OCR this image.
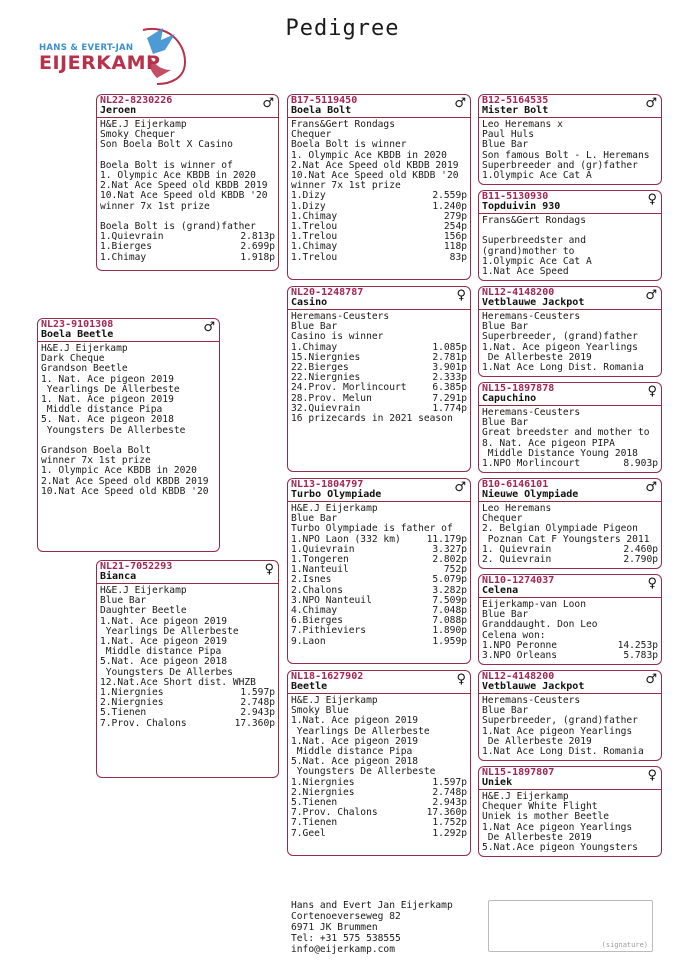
Pedigree
HANS & EVERT-JAN
EIJERKAMP
NL23-9101308
Boela Beetle	♂
H&E.J Eijerkamp
Dark Cheque
Grandson Beetle
1. Nat. Ace pigeon 2019
Yearlings De Allerbeste
1. Nat. Ace pigeon 2019
Middle distance Pipa
5. Nat. Ace pigeon 2018
Youngsters De Allerbeste
Grandson Boela Bolt
winner 7x 1st prize
1. Olympic Ace KBDB in 2020
2.Nat Ace Speed old KBDB 2019
10.Nat Ace Speed old KBDB '20
NL22-8230226
Jeroen	♂
H&E.J Eijerkamp
Smoky Chequer
Son Boela Bolt X Casino
Boela Bolt is winner of
1. Olympic Ace KBDB in 2020
2.Nat Ace Speed old KBDB 2019
10.Nat Ace Speed old KBDB '20
winner 7x 1st prize
Boela Bolt is (grand)father
1.Quievrain	2.813p
1.Bierges	2.699p
1.Chimay	1.918p
NL21-7052293
Bianca	♀
H&E.J Eijerkamp
Blue Bar
Daughter Beetle
1.Nat. Ace pigeon 2019
Yearlings De Allerbeste
1.Nat. Ace pigeon 2019
Middle distance Pipa
5.Nat. Ace pigeon 2018
Youngsters De Allerbes
12.Nat.Ace Short dist. WHZB
1.Niergnies	1.597p
2.Niergnies	2.748p
5.Tienen	2.943p
7.Prov. Chalons	17.360p
B17-5119450
Boela Bolt	♂
Frans&Gert Rondags
Chequer
Boela Bolt is winner
1. Olympic Ace KBDB in 2020
2.Nat Ace Speed old KBDB 2019
10.Nat Ace Speed old KBDB '20
winner 7x 1st prize
1.Dizy	2.559p
1.Dizy	1.240p
1.Chimay	279p
1.Trelou	254p
1.Trelou	156p
1.Chimay	118p
1.Trelou	83p
NL20-1248787
Casino	♀
Heremans-Ceusters
Blue Bar
Casino is winner
1.Chimay	1.085p
15.Niergnies	2.781p
22.Bierges	3.901p
22.Niergnies	2.333p
24.Prov. Morlincourt	6.385p
28.Prov. Melun	7.291p
32.Quievrain	1.774p
16 prizecards in 2021 season
NL13-1804797
Turbo Olympiade	♂
H&E.J Eijerkamp
Blue Bar
Turbo Olympiade is father of
1.NPO Laon (332 km)	11.179p
1.Quievrain	3.327p
1.Tongeren	2.802p
1.Nanteuil	752p
2.Isnes	5.079p
2.Chalons	3.282p
3.NPO Nanteuil	7.509p
4.Chimay	7.048p
6.Bierges	7.088p
7.Pithieviers	1.890p
9.Laon	1.959p
NL18-1627902
Beetle	♀
H&E.J Eijerkamp
Smoky Blue
1.Nat. Ace pigeon 2019
Yearlings De Allerbeste
1.Nat. Ace pigeon 2019
Middle distance Pipa
5.Nat. Ace pigeon 2018
Youngsters De Allerbeste
1.Niergnies	1.597p
2.Niergnies	2.748p
5.Tienen	2.943p
7.Prov. Chalons	17.360p
7.Tienen	1.752p
7.Geel	1.292p
B12-5164535
Mister Bolt	♂
Leo Heremans x
Paul Huls
Blue Bar
Son famous Bolt - L. Heremans
Superbreeder and (gr)father
1.Olympic Ace Cat A
B11-5130930
Topduivin 930	♀
Frans&Gert Rondags
Superbreedster and
(grand)mother to
1.Olympic Ace Cat A
1.Nat Ace Speed
NL12-4148200
Vetblauwe Jackpot	♂
Heremans-Ceusters
Blue Bar
Superbreeder, (grand)father
1.Nat. Ace pigeon Yearlings
De Allerbeste 2019
1.Nat Ace Long Dist. Romania
NL15-1897878
Capuchino	♀
Heremans-Ceusters
Blue Bar
Great breedster and mother to
8. Nat. Ace pigeon PIPA
Middle Distance Young 2018
1.NPO Morlincourt	8.903p
B10-6146101
Nieuwe Olympiade	♂
Leo Heremans
Chequer
2. Belgian Olympiade Pigeon
Poznan Cat F Youngsters 2011
1. Quievrain	2.460p
2. Quievrain	2.790p
NL10-1274037
Celena	♀
Eijerkamp-van Loon
Blue Bar
Granddaught. Don Leo
Celena won:
1.NPO Peronne	14.253p
3.NPO Orleans	5.783p
NL12-4148200
Vetblauwe Jackpot	♂
Heremans-Ceusters
Blue Bar
Superbreeder, (grand)father
1.Nat Ace pigeon Yearlings
De Allerbeste 2019
1.Nat Ace Long Dist. Romania
NL15-1897807
Uniek	♀
H&E.J Eijerkamp
Chequer White Flight
Uniek is mother Beetle
1.Nat Ace pigeon Yearlings
De Allerbeste 2019
5.Nat.Ace pigeon Youngsters
Hans and Evert Jan Eijerkamp
Cortenoeverseweg 82
6971 JK Brummen
Tel: +31 575 538555
info@eijerkamp.com	(signature)
